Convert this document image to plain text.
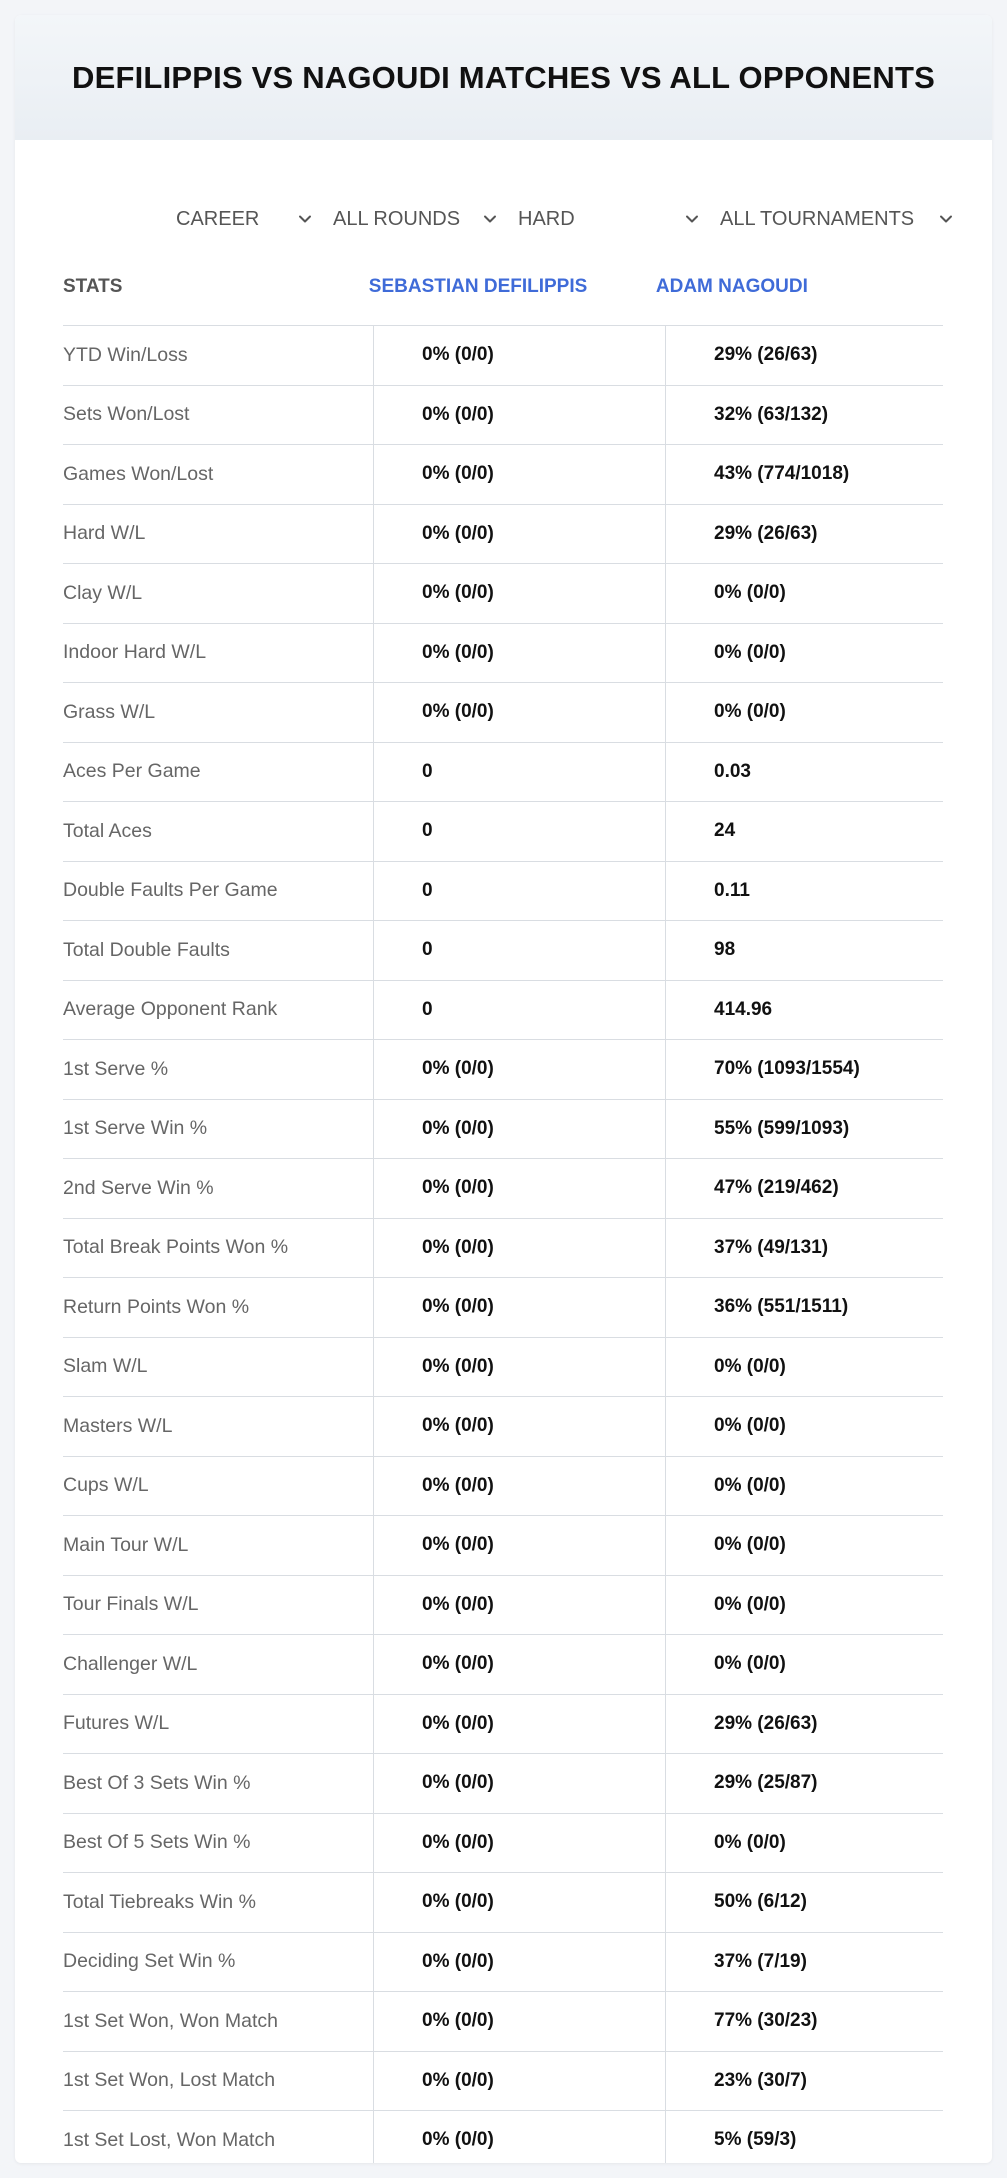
DEFILIPPIS VS NAGOUDI MATCHES VS ALL OPPONENTS
CAREER	ALL ROUNDS	HARD	ALL TOURNAMENTS
STATS	SEBASTIAN DEFILIPPIS	ADAM NAGOUDI
YTD Win/Loss	0% (0/0)	29% (26/63)
Sets Won/Lost	0% (0/0)	32% (63/132)
Games Won/Lost	0% (0/0)	43% (774/1018)
Hard W/L	0% (0/0)	29% (26/63)
Clay W/L	0% (0/0)	0% (0/0)
Indoor Hard W/L	0% (0/0)	0% (0/0)
Grass W/L	0% (0/0)	0% (0/0)
Aces Per Game	0	0.03
Total Aces	0	24
Double Faults Per Game	0	0.11
Total Double Faults	0	98
Average Opponent Rank	0	414.96
1st Serve %	0% (0/0)	70% (1093/1554)
1st Serve Win %	0% (0/0)	55% (599/1093)
2nd Serve Win %	0% (0/0)	47% (219/462)
Total Break Points Won %	0% (0/0)	37% (49/131)
Return Points Won %	0% (0/0)	36% (551/1511)
Slam W/L	0% (0/0)	0% (0/0)
Masters W/L	0% (0/0)	0% (0/0)
Cups W/L	0% (0/0)	0% (0/0)
Main Tour W/L	0% (0/0)	0% (0/0)
Tour Finals W/L	0% (0/0)	0% (0/0)
Challenger W/L	0% (0/0)	0% (0/0)
Futures W/L	0% (0/0)	29% (26/63)
Best Of 3 Sets Win %	0% (0/0)	29% (25/87)
Best Of 5 Sets Win %	0% (0/0)	0% (0/0)
Total Tiebreaks Win %	0% (0/0)	50% (6/12)
Deciding Set Win %	0% (0/0)	37% (7/19)
1st Set Won, Won Match	0% (0/0)	77% (30/23)
1st Set Won, Lost Match	0% (0/0)	23% (30/7)
1st Set Lost, Won Match	0% (0/0)	5% (59/3)
